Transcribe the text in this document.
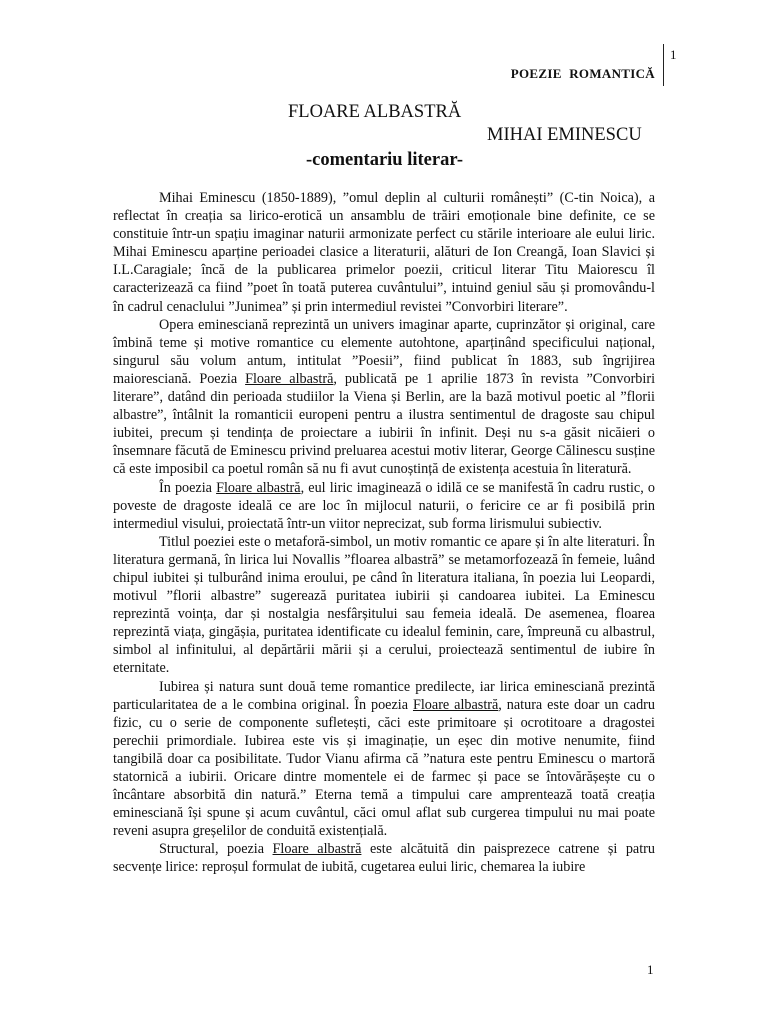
1
POEZIE ROMANTICĂ
FLOARE ALBASTRĂ
MIHAI EMINESCU
-comentariu literar-

Mihai Eminescu (1850-1889), ”omul deplin al culturii românești” (C-tin Noica), a reflectat în creația sa lirico-erotică un ansamblu de trăiri emoționale bine definite, ce se constituie într-un spațiu imaginar naturii armonizate perfect cu stările interioare ale eului liric. Mihai Eminescu aparține perioadei clasice a literaturii, alături de Ion Creangă, Ioan Slavici și I.L.Caragiale; încă de la publicarea primelor poezii, criticul literar Titu Maiorescu îl caracterizează ca fiind ”poet în toată puterea cuvântului”, intuind geniul său și promovându-l în cadrul cenaclului ”Junimea” și prin intermediul revistei ”Convorbiri literare”.

Opera eminesciană reprezintă un univers imaginar aparte, cuprinzător și original, care îmbină teme și motive romantice cu elemente autohtone, aparținând specificului național, singurul său volum antum, intitulat ”Poesii”, fiind publicat în 1883, sub îngrijirea maioresciană. Poezia Floare albastră, publicată pe 1 aprilie 1873 în revista ”Convorbiri literare”, datând din perioada studiilor la Viena și Berlin, are la bază motivul poetic al ”florii albastre”, întâlnit la romanticii europeni pentru a ilustra sentimentul de dragoste sau chipul iubitei, precum și tendința de proiectare a iubirii în infinit. Deși nu s-a găsit nicăieri o însemnare făcută de Eminescu privind preluarea acestui motiv literar, George Călinescu susține că este imposibil ca poetul român să nu fi avut cunoștință de existența acestuia în literatură.

În poezia Floare albastră, eul liric imaginează o idilă ce se manifestă în cadru rustic, o poveste de dragoste ideală ce are loc în mijlocul naturii, o fericire ce ar fi posibilă prin intermediul visului, proiectată într-un viitor neprecizat, sub forma lirismului subiectiv.

Titlul poeziei este o metaforă-simbol, un motiv romantic ce apare și în alte literaturi. În literatura germană, în lirica lui Novallis ”floarea albastră” se metamorfozează în femeie, luând chipul iubitei și tulburând inima eroului, pe când în literatura italiana, în poezia lui Leopardi, motivul ”florii albastre” sugerează puritatea iubirii și candoarea iubitei. La Eminescu reprezintă voința, dar și nostalgia nesfârșitului sau femeia ideală. De asemenea, floarea reprezintă viața, gingășia, puritatea identificate cu idealul feminin, care, împreună cu albastrul, simbol al infinitului, al depărtării mării și a cerului, proiectează sentimentul de iubire în eternitate.

Iubirea și natura sunt două teme romantice predilecte, iar lirica eminesciană prezintă particularitatea de a le combina original. În poezia Floare albastră, natura este doar un cadru fizic, cu o serie de componente sufletești, căci este primitoare și ocrotitoare a dragostei perechii primordiale. Iubirea este vis și imaginație, un eșec din motive nenumite, fiind tangibilă doar ca posibilitate. Tudor Vianu afirma că ”natura este pentru Eminescu o martoră statornică a iubirii. Oricare dintre momentele ei de farmec și pace se întovărășește cu o încântare absorbită din natură.” Eterna temă a timpului care amprentează toată creația eminesciană își spune și acum cuvântul, căci omul aflat sub curgerea timpului nu mai poate reveni asupra greșelilor de conduită existențială.

Structural, poezia Floare albastră este alcătuită din paisprezece catrene și patru secvențe lirice: reproșul formulat de iubită, cugetarea eului liric, chemarea la iubire

1
